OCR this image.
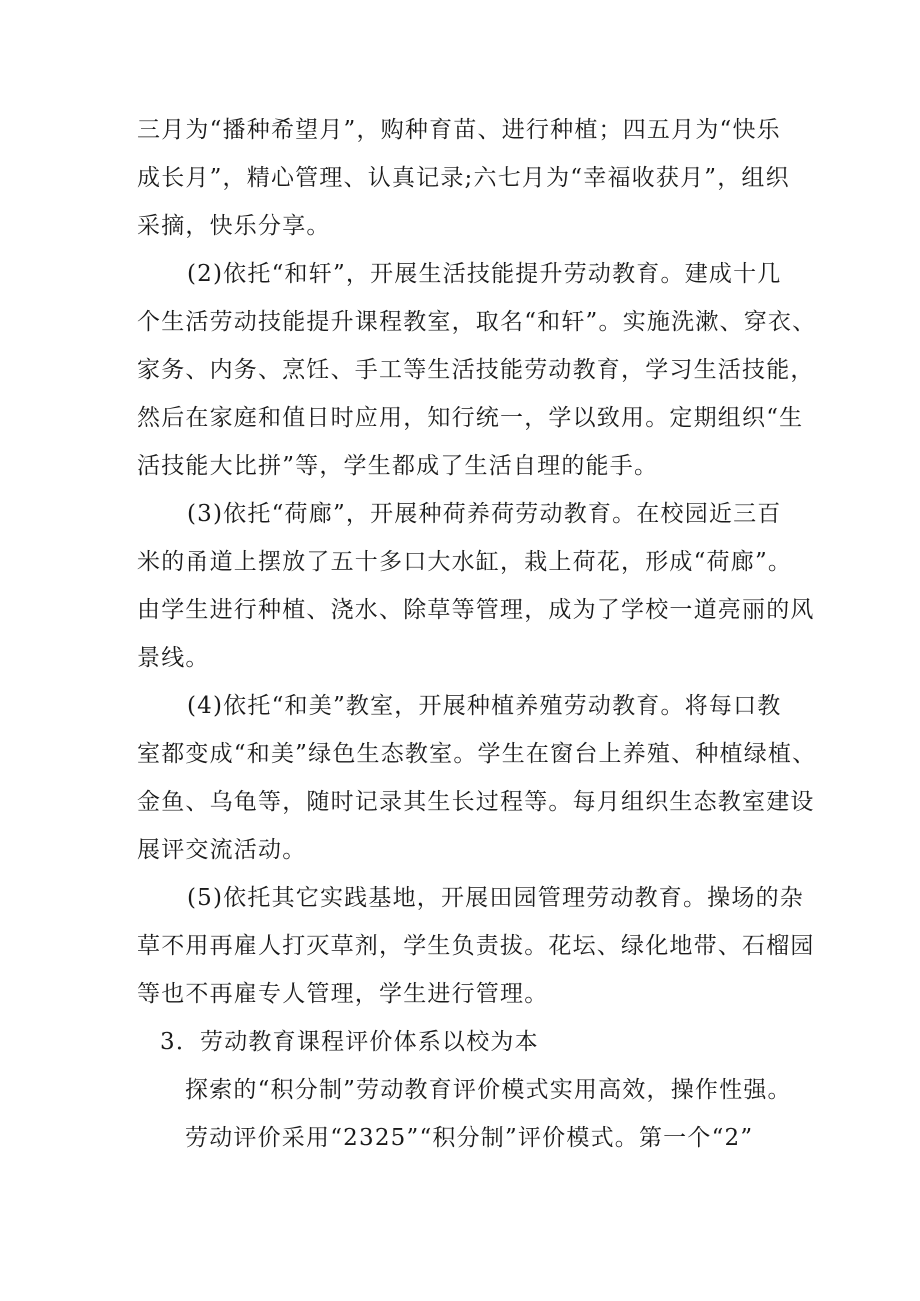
三月为“播种希望月”，购种育苗、进行种植；四五月为“快乐
成长月”，精心管理、认真记录;六七月为“幸福收获月”，组织
采摘，快乐分享。
(2)依托“和轩”，开展生活技能提升劳动教育。建成十几
个生活劳动技能提升课程教室，取名“和轩”。实施洗漱、穿衣、
家务、内务、烹饪、手工等生活技能劳动教育，学习生活技能，
然后在家庭和值日时应用，知行统一，学以致用。定期组织“生
活技能大比拼”等，学生都成了生活自理的能手。
(3)依托“荷廊”，开展种荷养荷劳动教育。在校园近三百
米的甬道上摆放了五十多口大水缸，栽上荷花，形成“荷廊”。
由学生进行种植、浇水、除草等管理，成为了学校一道亮丽的风
景线。
(4)依托“和美”教室，开展种植养殖劳动教育。将每口教
室都变成“和美”绿色生态教室。学生在窗台上养殖、种植绿植、
金鱼、乌龟等，随时记录其生长过程等。每月组织生态教室建设
展评交流活动。
(5)依托其它实践基地，开展田园管理劳动教育。操场的杂
草不用再雇人打灭草剂，学生负责拔。花坛、绿化地带、石榴园
等也不再雇专人管理，学生进行管理。
3．劳动教育课程评价体系以校为本
探索的“积分制”劳动教育评价模式实用高效，操作性强。
劳动评价采用“2325”“积分制”评价模式。第一个“2”
